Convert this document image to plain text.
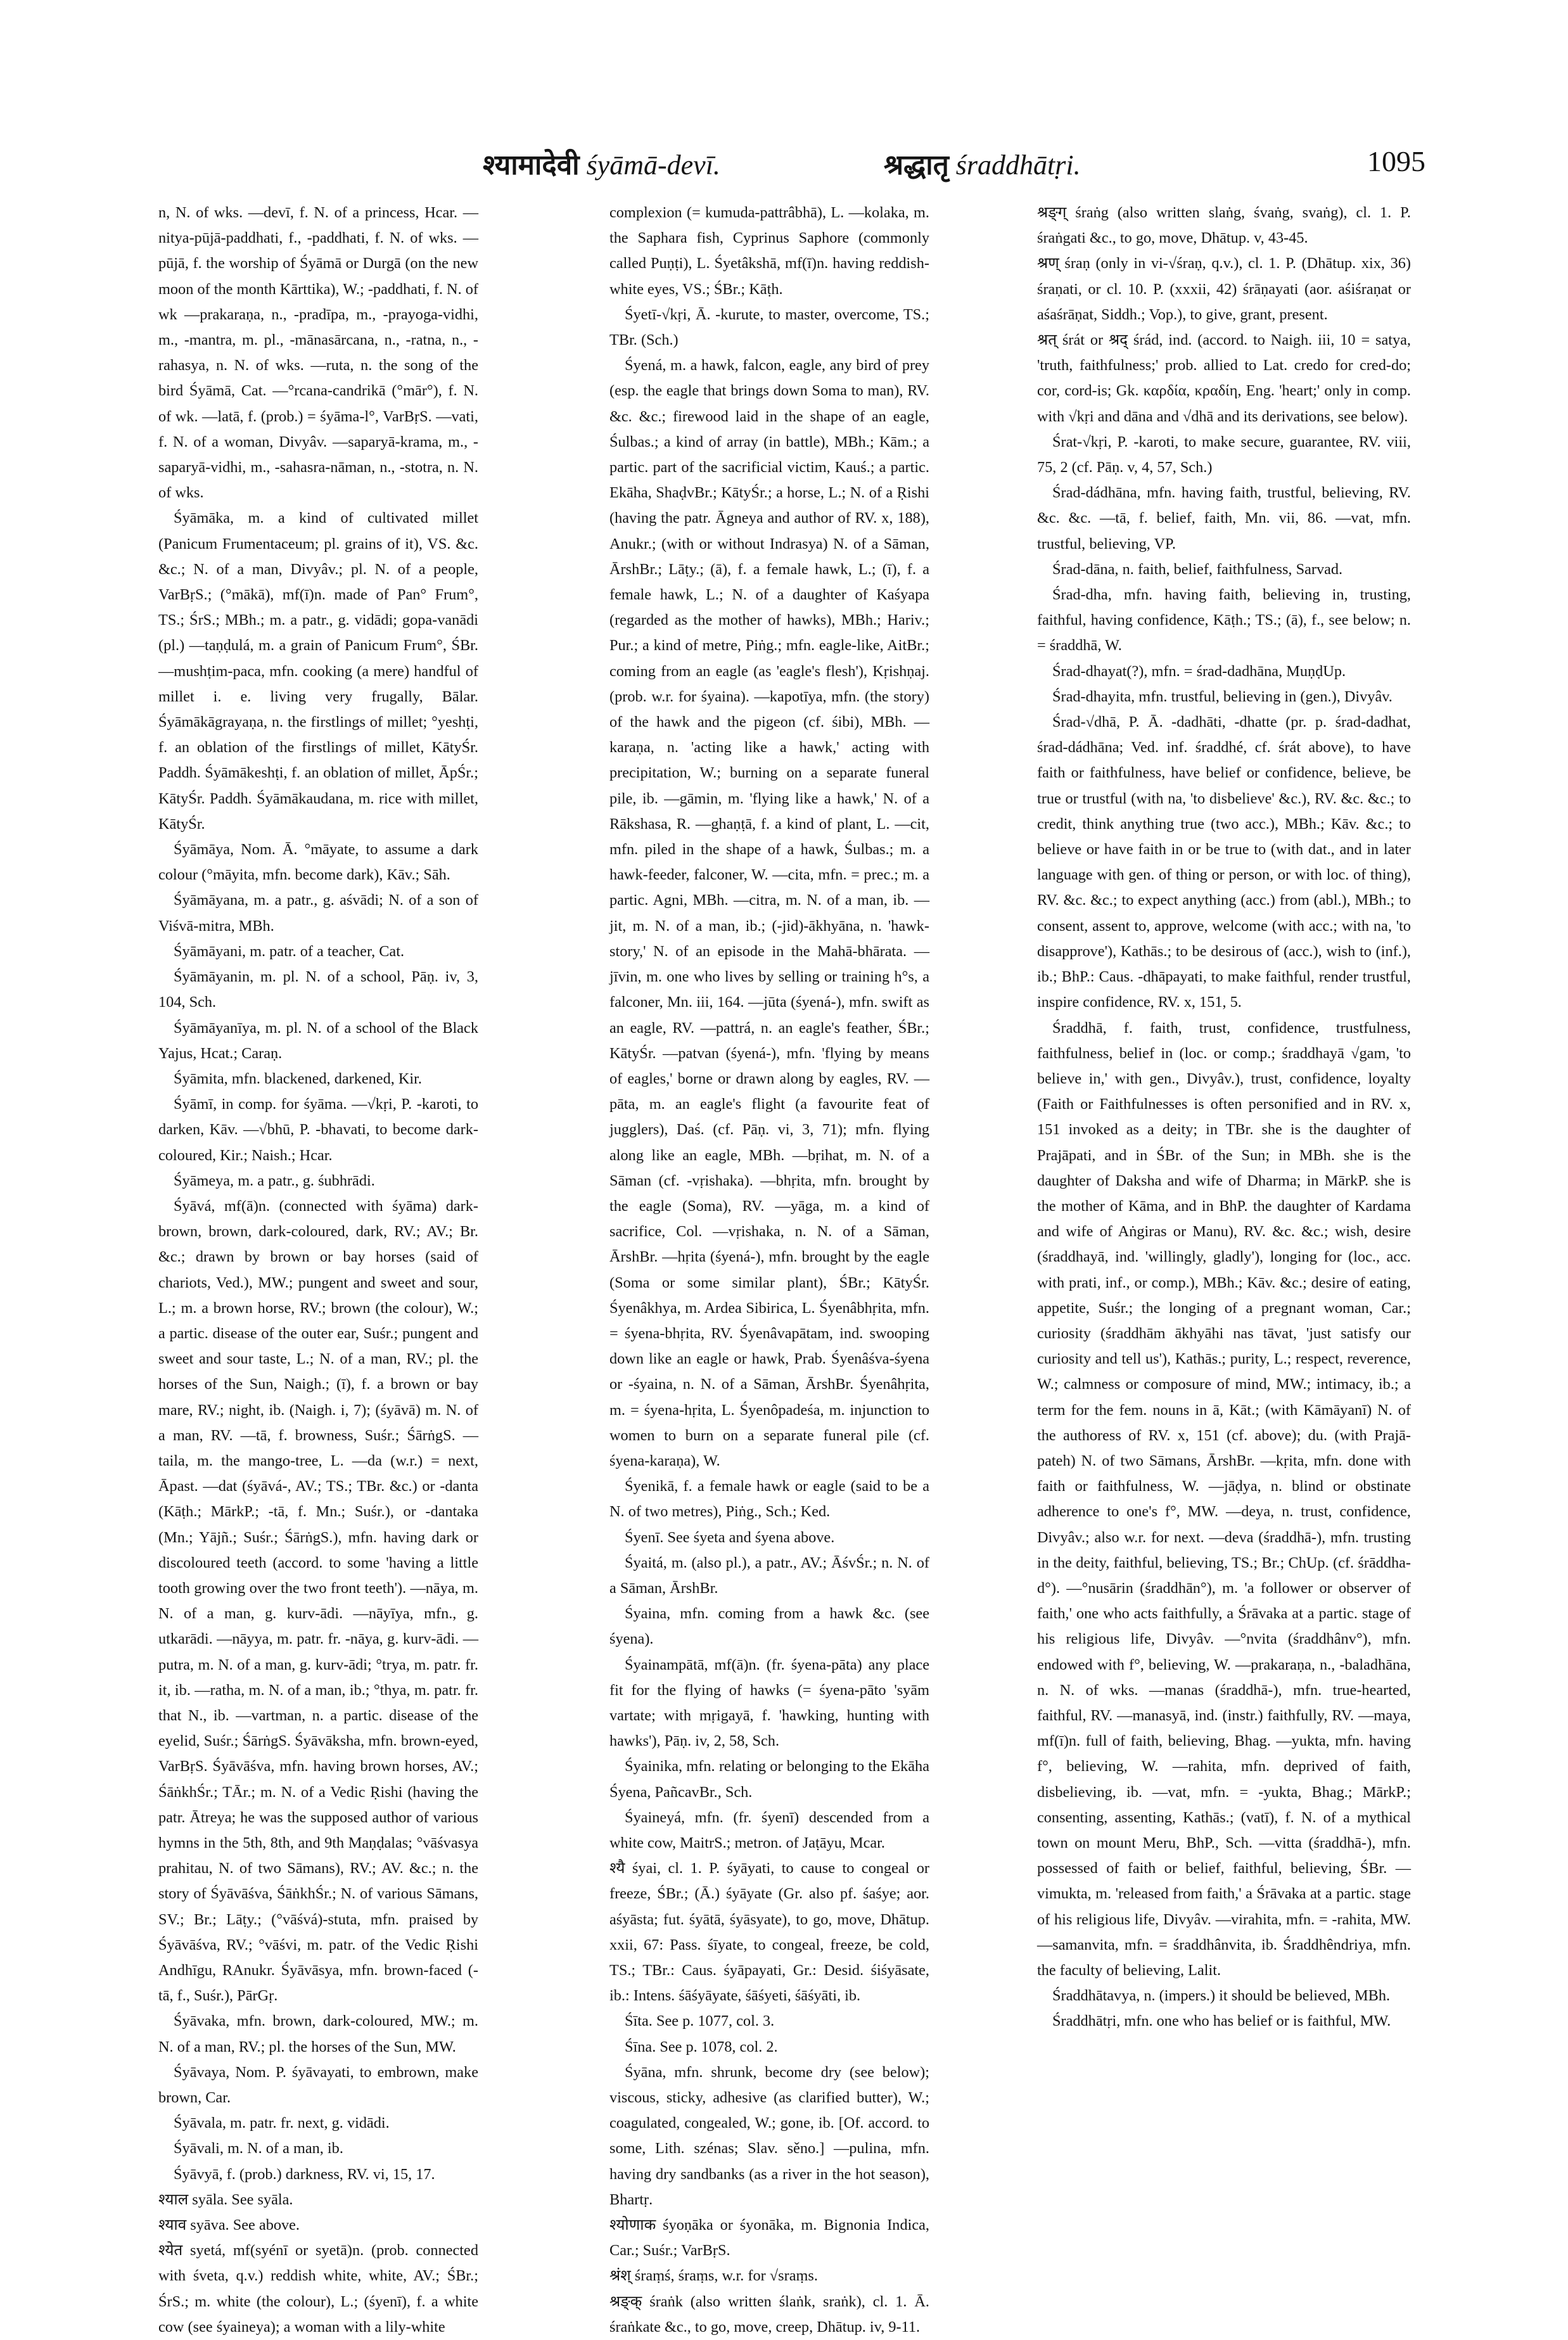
श्यामादेवी śyāmā-devī.	श्रद्धातृ śraddhātṛi.	1095

n, N. of wks. —devī, f. N. of a princess, Hcar. —nitya-pūjā-paddhati, f., -paddhati, f. N. of wks. —pūjā, f. the worship of Śyāmā or Durgā (on the new moon of the month Kārttika), W.; -paddhati, f. N. of wk —prakaraṇa, n., -pradīpa, m., -prayoga-vidhi, m., -mantra, m. pl., -mānasārcana, n., -ratna, n., -rahasya, n. N. of wks. —ruta, n. the song of the bird Śyāmā, Cat. —°rcana-candrikā (°mār°), f. N. of wk. —latā, f. (prob.) = śyāma-l°, VarBṛS. —vati, f. N. of a woman, Divyâv. —saparyā-krama, m., -saparyā-vidhi, m., -sahasra-nāman, n., -stotra, n. N. of wks.

Śyāmāka, m. a kind of cultivated millet (Panicum Frumentaceum; pl. grains of it), VS. &c. &c.; N. of a man, Divyâv.; pl. N. of a people, VarBṛS.; (°mākā), mf(ī)n. made of Pan° Frum°, TS.; ŚrS.; MBh.; m. a patr., g. vidādi; gopa-vanādi (pl.) —taṇḍulá, m. a grain of Panicum Frum°, ŚBr. —mushṭim-paca, mfn. cooking (a mere) handful of millet i. e. living very frugally, Bālar. Śyāmākāgrayaṇa, n. the firstlings of millet; °yeshṭi, f. an oblation of the firstlings of millet, KātyŚr. Paddh. Śyāmākeshṭi, f. an oblation of millet, ĀpŚr.; KātyŚr. Paddh. Śyāmākaudana, m. rice with millet, KātyŚr.

Śyāmāya, Nom. Ā. °māyate, to assume a dark colour (°māyita, mfn. become dark), Kāv.; Sāh.

Śyāmāyana, m. a patr., g. aśvādi; N. of a son of Viśvā-mitra, MBh.

Śyāmāyani, m. patr. of a teacher, Cat.

Śyāmāyanin, m. pl. N. of a school, Pāṇ. iv, 3, 104, Sch.

Śyāmāyanīya, m. pl. N. of a school of the Black Yajus, Hcat.; Caraṇ.

Śyāmita, mfn. blackened, darkened, Kir.

Śyāmī, in comp. for śyāma. —√kṛi, P. -karoti, to darken, Kāv. —√bhū, P. -bhavati, to become dark-coloured, Kir.; Naish.; Hcar.

Śyāmeya, m. a patr., g. śubhrādi.

Śyāvá, mf(ā)n. (connected with śyāma) dark-brown, brown, dark-coloured, dark, RV.; AV.; Br. &c.; drawn by brown or bay horses (said of chariots, Ved.), MW.; pungent and sweet and sour, L.; m. a brown horse, RV.; brown (the colour), W.; a partic. disease of the outer ear, Suśr.; pungent and sweet and sour taste, L.; N. of a man, RV.; pl. the horses of the Sun, Naigh.; (ī), f. a brown or bay mare, RV.; night, ib. (Naigh. i, 7); (śyāvā) m. N. of a man, RV. —tā, f. browness, Suśr.; ŚārṅgS. —taila, m. the mango-tree, L. —da (w.r.) = next, Āpast. —dat (śyāvá-, AV.; TS.; TBr. &c.) or -danta (Kāṭh.; MārkP.; -tā, f. Mn.; Suśr.), or -dantaka (Mn.; Yājñ.; Suśr.; ŚārṅgS.), mfn. having dark or discoloured teeth (accord. to some 'having a little tooth growing over the two front teeth'). —nāya, m. N. of a man, g. kurv-ādi. —nāyīya, mfn., g. utkarādi. —nāyya, m. patr. fr. -nāya, g. kurv-ādi. —putra, m. N. of a man, g. kurv-ādi; °trya, m. patr. fr. it, ib. —ratha, m. N. of a man, ib.; °thya, m. patr. fr. that N., ib. —vartman, n. a partic. disease of the eyelid, Suśr.; ŚārṅgS. Śyāvāksha, mfn. brown-eyed, VarBṛS. Śyāvāśva, mfn. having brown horses, AV.; ŚāṅkhŚr.; TĀr.; m. N. of a Vedic Ṛishi (having the patr. Ātreya; he was the supposed author of various hymns in the 5th, 8th, and 9th Maṇḍalas; °vāśvasya prahitau, N. of two Sāmans), RV.; AV. &c.; n. the story of Śyāvāśva, ŚāṅkhŚr.; N. of various Sāmans, SV.; Br.; Lāṭy.; (°vāśvá)-stuta, mfn. praised by Śyāvāśva, RV.; °vāśvi, m. patr. of the Vedic Ṛishi Andhīgu, RAnukr. Śyāvāsya, mfn. brown-faced (-tā, f., Suśr.), PārGṛ.

Śyāvaka, mfn. brown, dark-coloured, MW.; m. N. of a man, RV.; pl. the horses of the Sun, MW.

Śyāvaya, Nom. P. śyāvayati, to embrown, make brown, Car.

Śyāvala, m. patr. fr. next, g. vidādi.

Śyāvali, m. N. of a man, ib.

Śyāvyā, f. (prob.) darkness, RV. vi, 15, 17.

श्याल syāla. See syāla.

श्याव syāva. See above.

श्येत syetá, mf(syénī or syetā)n. (prob. connected with śveta, q.v.) reddish white, white, AV.; ŚBr.; ŚrS.; m. white (the colour), L.; (śyenī), f. a white cow (see śyaineya); a woman with a lily-white

complexion (= kumuda-pattrâbhā), L. —kolaka, m. the Saphara fish, Cyprinus Saphore (commonly called Puṇṭi), L. Śyetâkshā, mf(ī)n. having reddish-white eyes, VS.; ŚBr.; Kāṭh.

Śyetī-√kṛi, Ā. -kurute, to master, overcome, TS.; TBr. (Sch.)

Śyená, m. a hawk, falcon, eagle, any bird of prey (esp. the eagle that brings down Soma to man), RV. &c. &c.; firewood laid in the shape of an eagle, Śulbas.; a kind of array (in battle), MBh.; Kām.; a partic. part of the sacrificial victim, Kauś.; a partic. Ekāha, ShaḍvBr.; KātyŚr.; a horse, L.; N. of a Ṛishi (having the patr. Āgneya and author of RV. x, 188), Anukr.; (with or without Indrasya) N. of a Sāman, ĀrshBr.; Lāṭy.; (ā), f. a female hawk, L.; (ī), f. a female hawk, L.; N. of a daughter of Kaśyapa (regarded as the mother of hawks), MBh.; Hariv.; Pur.; a kind of metre, Piṅg.; mfn. eagle-like, AitBr.; coming from an eagle (as 'eagle's flesh'), Kṛishṇaj. (prob. w.r. for śyaina). —kapotīya, mfn. (the story) of the hawk and the pigeon (cf. śibi), MBh. —karaṇa, n. 'acting like a hawk,' acting with precipitation, W.; burning on a separate funeral pile, ib. —gāmin, m. 'flying like a hawk,' N. of a Rākshasa, R. —ghaṇṭā, f. a kind of plant, L. —cit, mfn. piled in the shape of a hawk, Śulbas.; m. a hawk-feeder, falconer, W. —cita, mfn. = prec.; m. a partic. Agni, MBh. —citra, m. N. of a man, ib. —jit, m. N. of a man, ib.; (-jid)-ākhyāna, n. 'hawk-story,' N. of an episode in the Mahā-bhārata. —jīvin, m. one who lives by selling or training h°s, a falconer, Mn. iii, 164. —jūta (śyená-), mfn. swift as an eagle, RV. —pattrá, n. an eagle's feather, ŚBr.; KātyŚr. —patvan (śyená-), mfn. 'flying by means of eagles,' borne or drawn along by eagles, RV. —pāta, m. an eagle's flight (a favourite feat of jugglers), Daś. (cf. Pāṇ. vi, 3, 71); mfn. flying along like an eagle, MBh. —bṛihat, m. N. of a Sāman (cf. -vṛishaka). —bhṛita, mfn. brought by the eagle (Soma), RV. —yāga, m. a kind of sacrifice, Col. —vṛishaka, n. N. of a Sāman, ĀrshBr. —hṛita (śyená-), mfn. brought by the eagle (Soma or some similar plant), ŚBr.; KātyŚr. Śyenâkhya, m. Ardea Sibirica, L. Śyenâbhṛita, mfn. = śyena-bhṛita, RV. Śyenâvapātam, ind. swooping down like an eagle or hawk, Prab. Śyenâśva-śyena or -śyaina, n. N. of a Sāman, ĀrshBr. Śyenâhṛita, m. = śyena-hṛita, L. Śyenôpadeśa, m. injunction to women to burn on a separate funeral pile (cf. śyena-karaṇa), W.

Śyenikā, f. a female hawk or eagle (said to be a N. of two metres), Piṅg., Sch.; Ked.

Śyenī. See śyeta and śyena above.

Śyaitá, m. (also pl.), a patr., AV.; ĀśvŚr.; n. N. of a Sāman, ĀrshBr.

Śyaina, mfn. coming from a hawk &c. (see śyena).

Śyainampātā, mf(ā)n. (fr. śyena-pāta) any place fit for the flying of hawks (= śyena-pāto 'syām vartate; with mṛigayā, f. 'hawking, hunting with hawks'), Pāṇ. iv, 2, 58, Sch.

Śyainika, mfn. relating or belonging to the Ekāha Śyena, PañcavBr., Sch.

Śyaineyá, mfn. (fr. śyenī) descended from a white cow, MaitrS.; metron. of Jaṭāyu, Mcar.

श्यै śyai, cl. 1. P. śyāyati, to cause to congeal or freeze, ŚBr.; (Ā.) śyāyate (Gr. also pf. śaśye; aor. aśyāsta; fut. śyātā, śyāsyate), to go, move, Dhātup. xxii, 67: Pass. śīyate, to congeal, freeze, be cold, TS.; TBr.: Caus. śyāpayati, Gr.: Desid. śiśyāsate, ib.: Intens. śāśyāyate, śāśyeti, śāśyāti, ib.

Śīta. See p. 1077, col. 3.

Śīna. See p. 1078, col. 2.

Śyāna, mfn. shrunk, become dry (see below); viscous, sticky, adhesive (as clarified butter), W.; coagulated, congealed, W.; gone, ib. [Of. accord. to some, Lith. szénas; Slav. sěno.] —pulina, mfn. having dry sandbanks (as a river in the hot season), Bhartṛ.

श्योणाक śyoṇāka or śyonāka, m. Bignonia Indica, Car.; Suśr.; VarBṛS.

श्रंश् śraṃś, śraṃs, w.r. for √sraṃs.

श्रङ्क् śraṅk (also written ślaṅk, sraṅk), cl. 1. Ā. śraṅkate &c., to go, move, creep, Dhātup. iv, 9-11.

श्रङ्ग् śraṅg (also written slaṅg, śvaṅg, svaṅg), cl. 1. P. śraṅgati &c., to go, move, Dhātup. v, 43-45.

श्रण् śraṇ (only in vi-√śraṇ, q.v.), cl. 1. P. (Dhātup. xix, 36) śraṇati, or cl. 10. P. (xxxii, 42) śrāṇayati (aor. aśiśraṇat or aśaśrāṇat, Siddh.; Vop.), to give, grant, present.

श्रत् śrát or श्रद् śrád, ind. (accord. to Naigh. iii, 10 = satya, 'truth, faithfulness;' prob. allied to Lat. credo for cred-do; cor, cord-is; Gk. καρδία, κραδίη, Eng. 'heart;' only in comp. with √kṛi and dāna and √dhā and its derivations, see below).

Śrat-√kṛi, P. -karoti, to make secure, guarantee, RV. viii, 75, 2 (cf. Pāṇ. v, 4, 57, Sch.)

Śrad-dádhāna, mfn. having faith, trustful, believing, RV. &c. &c. —tā, f. belief, faith, Mn. vii, 86. —vat, mfn. trustful, believing, VP.

Śrad-dāna, n. faith, belief, faithfulness, Sarvad.

Śrad-dha, mfn. having faith, believing in, trusting, faithful, having confidence, Kāṭh.; TS.; (ā), f., see below; n. = śraddhā, W.

Śrad-dhayat(?), mfn. = śrad-dadhāna, MuṇḍUp.

Śrad-dhayita, mfn. trustful, believing in (gen.), Divyâv.

Śrad-√dhā, P. Ā. -dadhāti, -dhatte (pr. p. śrad-dadhat, śrad-dádhāna; Ved. inf. śraddhé, cf. śrát above), to have faith or faithfulness, have belief or confidence, believe, be true or trustful (with na, 'to disbelieve' &c.), RV. &c. &c.; to credit, think anything true (two acc.), MBh.; Kāv. &c.; to believe or have faith in or be true to (with dat., and in later language with gen. of thing or person, or with loc. of thing), RV. &c. &c.; to expect anything (acc.) from (abl.), MBh.; to consent, assent to, approve, welcome (with acc.; with na, 'to disapprove'), Kathās.; to be desirous of (acc.), wish to (inf.), ib.; BhP.: Caus. -dhāpayati, to make faithful, render trustful, inspire confidence, RV. x, 151, 5.

Śraddhā, f. faith, trust, confidence, trustfulness, faithfulness, belief in (loc. or comp.; śraddhayā √gam, 'to believe in,' with gen., Divyâv.), trust, confidence, loyalty (Faith or Faithfulnesses is often personified and in RV. x, 151 invoked as a deity; in TBr. she is the daughter of Prajāpati, and in ŚBr. of the Sun; in MBh. she is the daughter of Daksha and wife of Dharma; in MārkP. she is the mother of Kāma, and in BhP. the daughter of Kardama and wife of Aṅgiras or Manu), RV. &c. &c.; wish, desire (śraddhayā, ind. 'willingly, gladly'), longing for (loc., acc. with prati, inf., or comp.), MBh.; Kāv. &c.; desire of eating, appetite, Suśr.; the longing of a pregnant woman, Car.; curiosity (śraddhām ākhyāhi nas tāvat, 'just satisfy our curiosity and tell us'), Kathās.; purity, L.; respect, reverence, W.; calmness or composure of mind, MW.; intimacy, ib.; a term for the fem. nouns in ā, Kāt.; (with Kāmāyanī) N. of the authoress of RV. x, 151 (cf. above); du. (with Prajā-pateh) N. of two Sāmans, ĀrshBr. —kṛita, mfn. done with faith or faithfulness, W. —jāḍya, n. blind or obstinate adherence to one's f°, MW. —deya, n. trust, confidence, Divyâv.; also w.r. for next. —deva (śraddhā-), mfn. trusting in the deity, faithful, believing, TS.; Br.; ChUp. (cf. śrāddha-d°). —°nusārin (śraddhān°), m. 'a follower or observer of faith,' one who acts faithfully, a Śrāvaka at a partic. stage of his religious life, Divyâv. —°nvita (śraddhânv°), mfn. endowed with f°, believing, W. —prakaraṇa, n., -baladhāna, n. N. of wks. —manas (śraddhā-), mfn. true-hearted, faithful, RV. —manasyā, ind. (instr.) faithfully, RV. —maya, mf(ī)n. full of faith, believing, Bhag. —yukta, mfn. having f°, believing, W. —rahita, mfn. deprived of faith, disbelieving, ib. —vat, mfn. = -yukta, Bhag.; MārkP.; consenting, assenting, Kathās.; (vatī), f. N. of a mythical town on mount Meru, BhP., Sch. —vitta (śraddhā-), mfn. possessed of faith or belief, faithful, believing, ŚBr. —vimukta, m. 'released from faith,' a Śrāvaka at a partic. stage of his religious life, Divyâv. —virahita, mfn. = -rahita, MW. —samanvita, mfn. = śraddhânvita, ib. Śraddhêndriya, mfn. the faculty of believing, Lalit.

Śraddhātavya, n. (impers.) it should be believed, MBh.

Śraddhātṛi, mfn. one who has belief or is faithful, MW.
